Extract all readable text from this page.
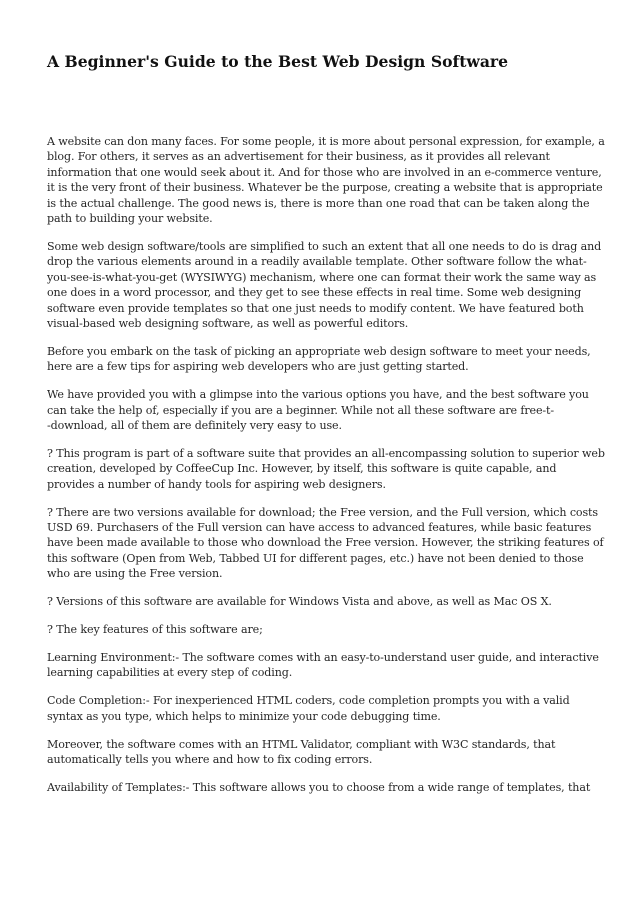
A Beginner's Guide to the Best Web Design Software

A website can don many faces. For some people, it is more about personal expression, for example, a
blog. For others, it serves as an advertisement for their business, as it provides all relevant
information that one would seek about it. And for those who are involved in an e-commerce venture,
it is the very front of their business. Whatever be the purpose, creating a website that is appropriate
is the actual challenge. The good news is, there is more than one road that can be taken along the
path to building your website.

Some web design software/tools are simplified to such an extent that all one needs to do is drag and
drop the various elements around in a readily available template. Other software follow the what-
you-see-is-what-you-get (WYSIWYG) mechanism, where one can format their work the same way as
one does in a word processor, and they get to see these effects in real time. Some web designing
software even provide templates so that one just needs to modify content. We have featured both
visual-based web designing software, as well as powerful editors.

Before you embark on the task of picking an appropriate web design software to meet your needs,
here are a few tips for aspiring web developers who are just getting started.

We have provided you with a glimpse into the various options you have, and the best software you
can take the help of, especially if you are a beginner. While not all these software are free-t-
-download, all of them are definitely very easy to use.

? This program is part of a software suite that provides an all-encompassing solution to superior web
creation, developed by CoffeeCup Inc. However, by itself, this software is quite capable, and
provides a number of handy tools for aspiring web designers.

? There are two versions available for download; the Free version, and the Full version, which costs
USD 69. Purchasers of the Full version can have access to advanced features, while basic features
have been made available to those who download the Free version. However, the striking features of
this software (Open from Web, Tabbed UI for different pages, etc.) have not been denied to those
who are using the Free version.

? Versions of this software are available for Windows Vista and above, as well as Mac OS X.

? The key features of this software are;

Learning Environment:- The software comes with an easy-to-understand user guide, and interactive
learning capabilities at every step of coding.

Code Completion:- For inexperienced HTML coders, code completion prompts you with a valid
syntax as you type, which helps to minimize your code debugging time.

Moreover, the software comes with an HTML Validator, compliant with W3C standards, that
automatically tells you where and how to fix coding errors.

Availability of Templates:- This software allows you to choose from a wide range of templates, that
